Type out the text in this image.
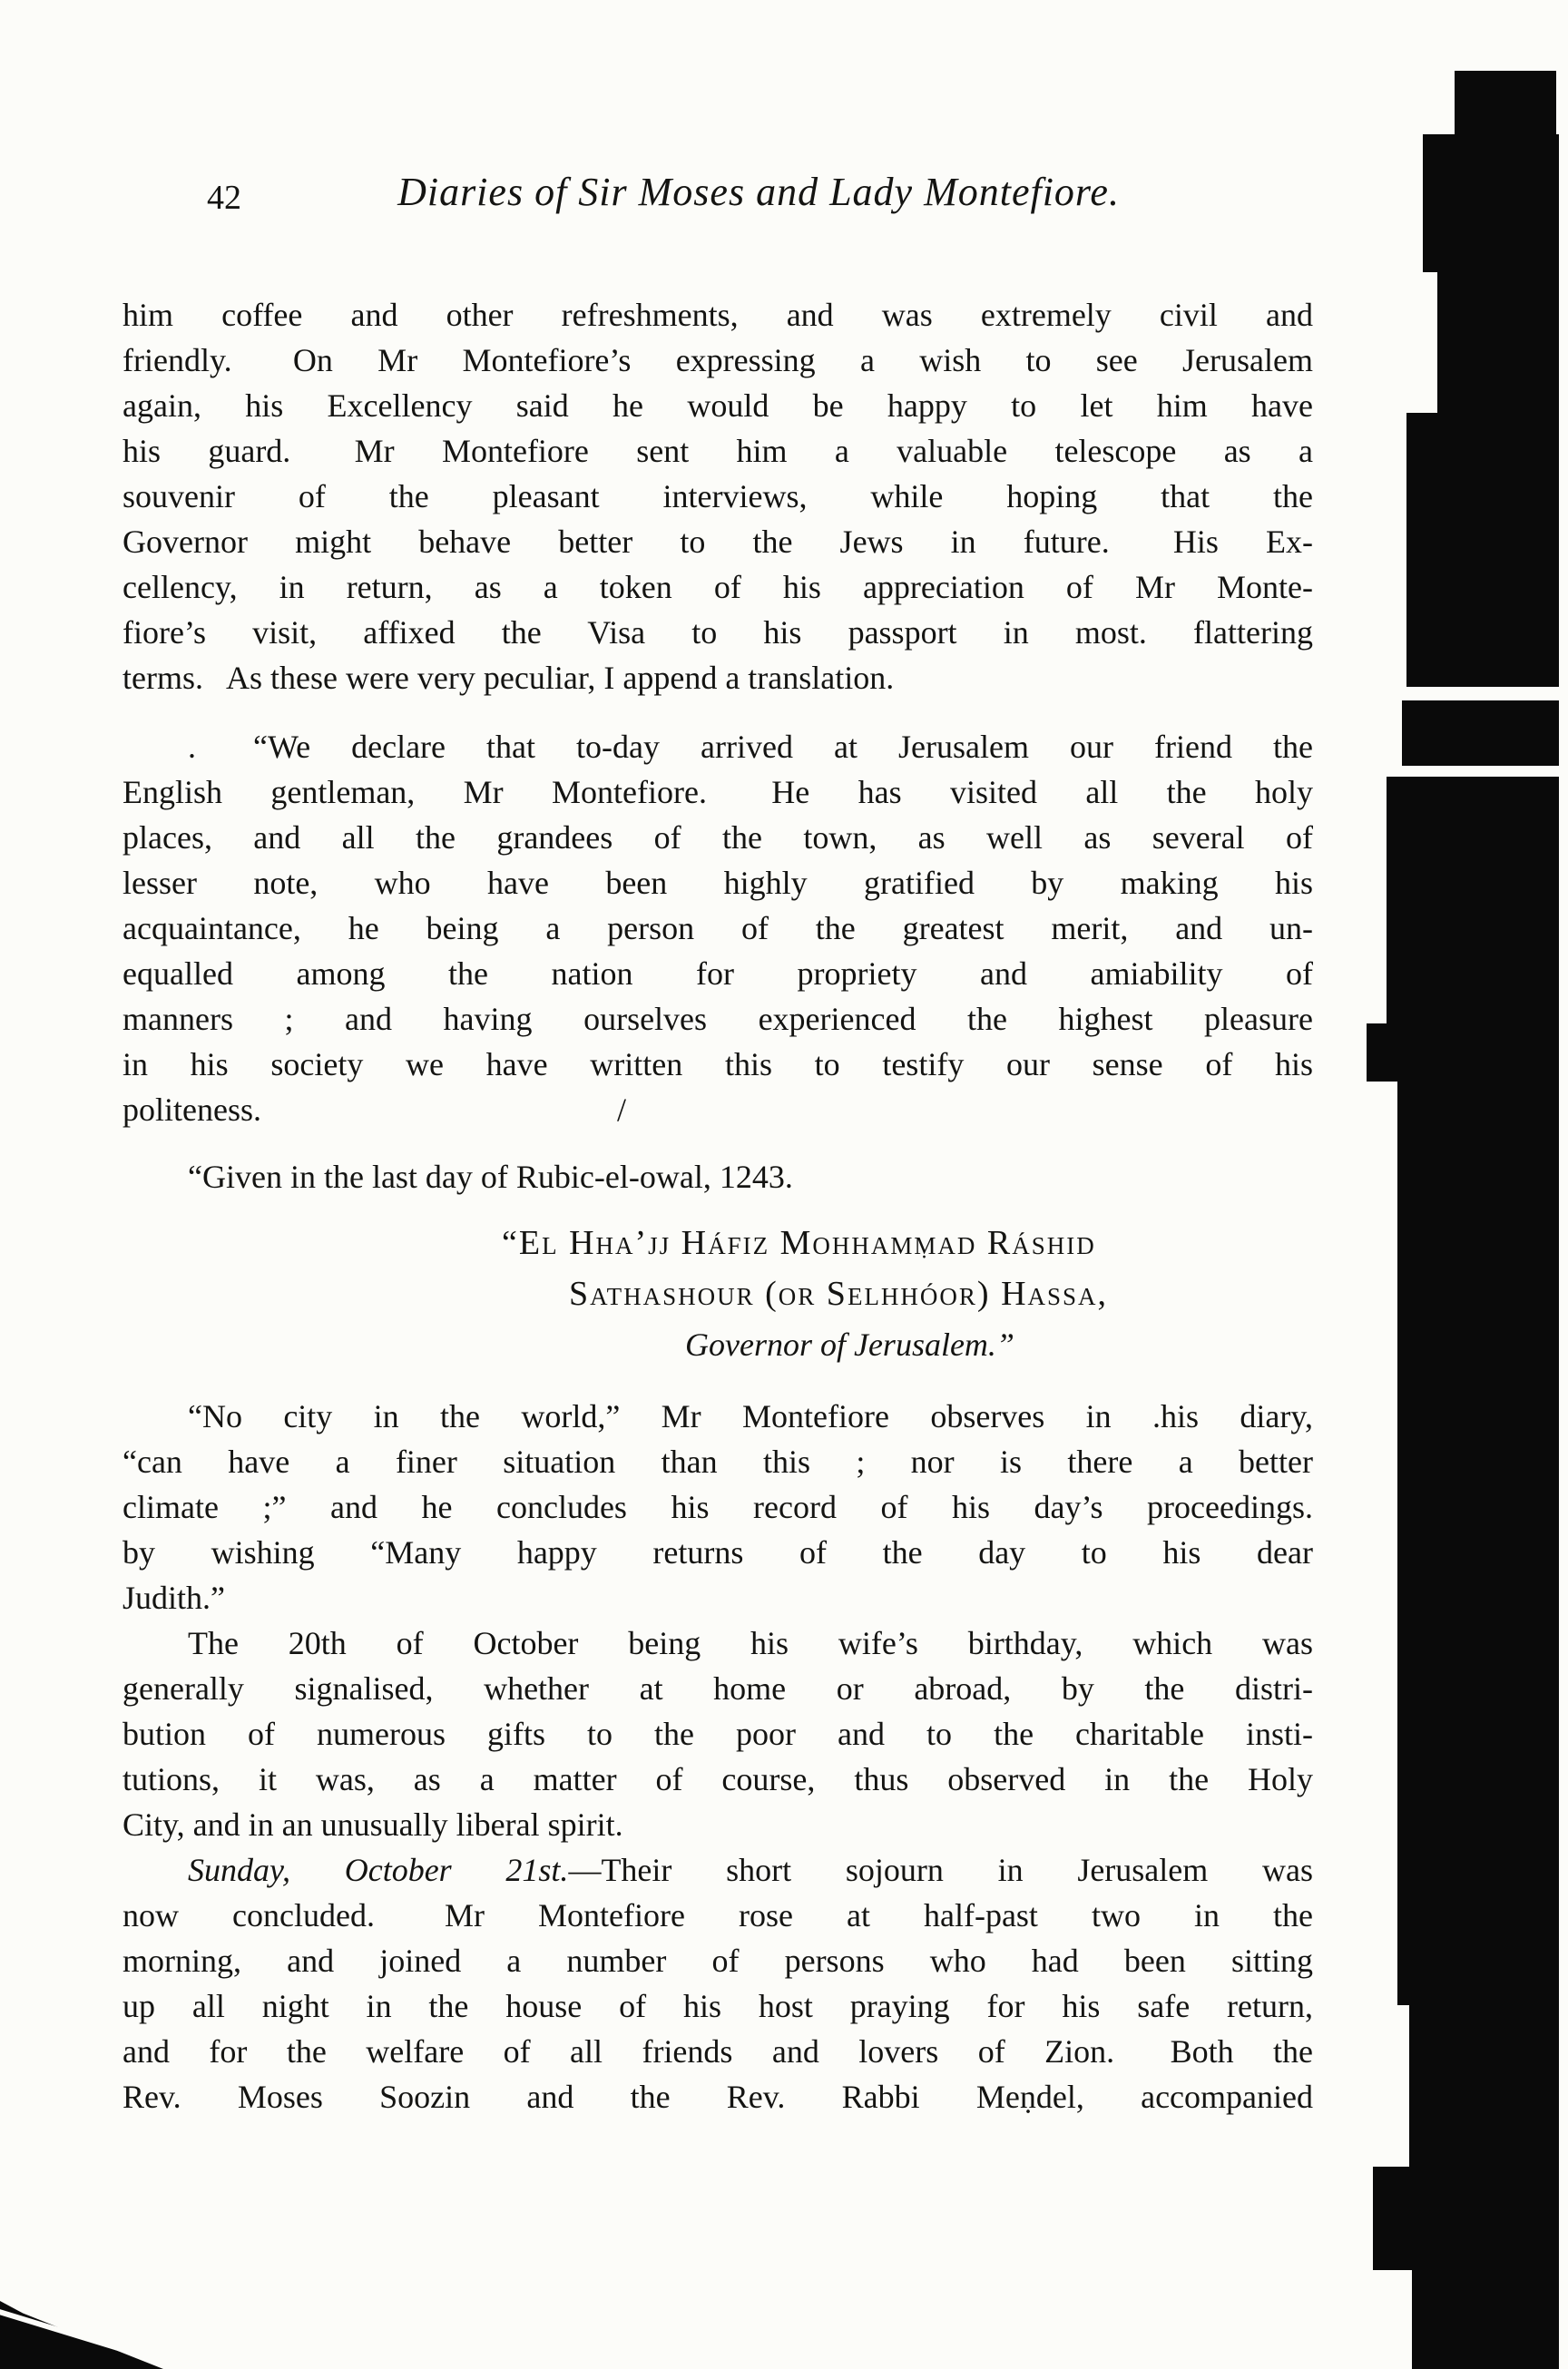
42	Diaries of Sir Moses and Lady Montefiore.
him coffee and other refreshments, and was extremely civil and
friendly.  On Mr Montefiore’s expressing a wish to see Jerusalem
again, his Excellency said he would be happy to let him have
his guard.  Mr Montefiore sent him a valuable telescope as a
souvenir of the pleasant interviews, while hoping that the
Governor might behave better to the Jews in future.  His Ex-
cellency, in return, as a token of his appreciation of Mr Monte-
fiore’s visit, affixed the Visa to his passport in most. flattering
terms.  As these were very peculiar, I append a translation.
.  “We declare that to-day arrived at Jerusalem our friend the
English gentleman, Mr Montefiore.  He has visited all the holy
places, and all the grandees of the town, as well as several of
lesser note, who have been highly gratified by making his
acquaintance, he being a person of the greatest merit, and un-
equalled among the nation for propriety and amiability of
manners ; and having ourselves experienced the highest pleasure
in his society we have written this to testify our sense of his
politeness.	/
“Given in the last day of Rubic-el-owal, 1243.
“El Hha’jj Háfiz Mohhamṃad Ráshid
Sathashour (or Selhhóor) Hassa,
Governor of Jerusalem.”
“No city in the world,” Mr Montefiore observes in .his diary,
“can have a finer situation than this ; nor is there a better
climate ;” and he concludes his record of his day’s proceedings.
by wishing “Many happy returns of the day to his dear
Judith.”
The 20th of October being his wife’s birthday, which was
generally signalised, whether at home or abroad, by the distri-
bution of numerous gifts to the poor and to the charitable insti-
tutions, it was, as a matter of course, thus observed in the Holy
City, and in an unusually liberal spirit.
Sunday, October 21st.—Their short sojourn in Jerusalem was
now concluded.  Mr Montefiore rose at half-past two in the
morning, and joined a number of persons who had been sitting
up all night in the house of his host praying for his safe return,
and for the welfare of all friends and lovers of Zion.  Both the
Rev. Moses Soozin and the Rev. Rabbi Meṇdel, accompanied
